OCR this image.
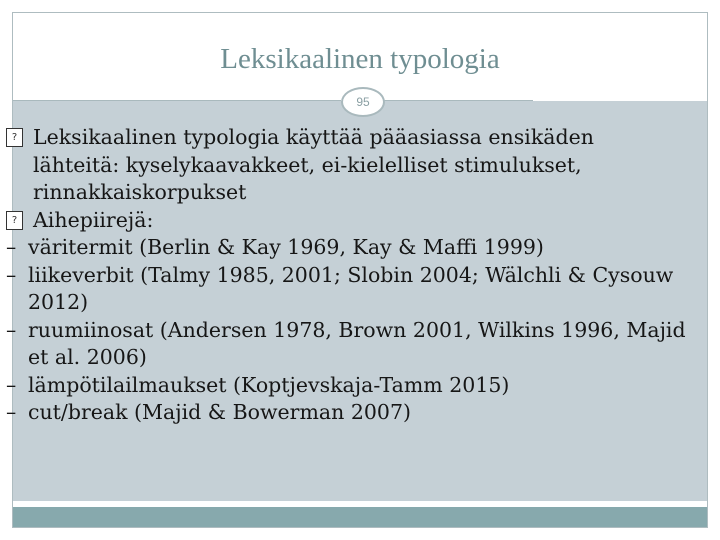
Leksikaalinen typologia
95
? Leksikaalinen typologia käyttää pääasiassa ensikäden lähteitä: kyselykaavakkeet, ei-kielelliset stimulukset, rinnakkaiskorpukset
? Aihepiirejä:
– väritermit (Berlin & Kay 1969, Kay & Maffi 1999)
– liikeverbit (Talmy 1985, 2001; Slobin 2004; Wälchli & Cysouw 2012)
– ruumiinosat (Andersen 1978, Brown 2001, Wilkins 1996, Majid et al. 2006)
– lämpötilailmaukset (Koptjevskaja-Tamm 2015)
– cut/break (Majid & Bowerman 2007)
